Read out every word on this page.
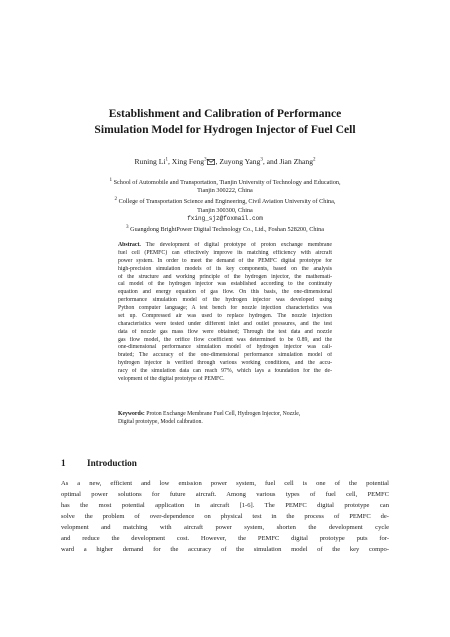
Establishment and Calibration of Performance
Simulation Model for Hydrogen Injector of Fuel Cell
Runing Li$^1$, Xing Feng$^3$ , Zuyong Yang$^3$, and Jian Zhang$^2$
$^1$ School of Automobile and Transportation, Tianjin University of Technology and Education,
Tianjin 300222, China
$^2$ College of Transportation Science and Engineering, Civil Aviation University of China,
Tianjin 300300, China
fxing_sjz@foxmail.com
$^3$ Guangdong BrightPower Digital Technology Co., Ltd., Foshan 528200, China
Abstract. The development of digital prototype of proton exchange membrane
fuel cell (PEMFC) can effectively improve its matching efficiency with aircraft
power system. In order to meet the demand of the PEMFC digital prototype for
high-precision simulation models of its key components, based on the analysis
of the structure and working principle of the hydrogen injector, the mathemati-
cal model of the hydrogen injector was established according to the continuity
equation and energy equation of gas flow. On this basis, the one-dimensional
performance simulation model of the hydrogen injector was developed using
Python computer language; A test bench for nozzle injection characteristics was
set up. Compressed air was used to replace hydrogen. The nozzle injection
characteristics were tested under different inlet and outlet pressures, and the test
data of nozzle gas mass flow were obtained; Through the test data and nozzle
gas flow model, the orifice flow coefficient was determined to be 0.89, and the
one-dimensional performance simulation model of hydrogen injector was cali-
brated; The accuracy of the one-dimensional performance simulation model of
hydrogen injector is verified through various working conditions, and the accu-
racy of the simulation data can reach 97%, which lays a foundation for the de-
velopment of the digital prototype of PEMFC.
Keywords: Proton Exchange Membrane Fuel Cell, Hydrogen Injector, Nozzle,
Digital prototype, Model calibration.
1 Introduction
As a new, efficient and low emission power system, fuel cell is one of the potential
optimal power solutions for future aircraft. Among various types of fuel cell, PEMFC
has the most potential application in aircraft [1-6]. The PEMFC digital prototype can
solve the problem of over-dependence on physical test in the process of PEMFC de-
velopment and matching with aircraft power system, shorten the development cycle
and reduce the development cost. However, the PEMFC digital prototype puts for-
ward a higher demand for the accuracy of the simulation model of the key compo-
